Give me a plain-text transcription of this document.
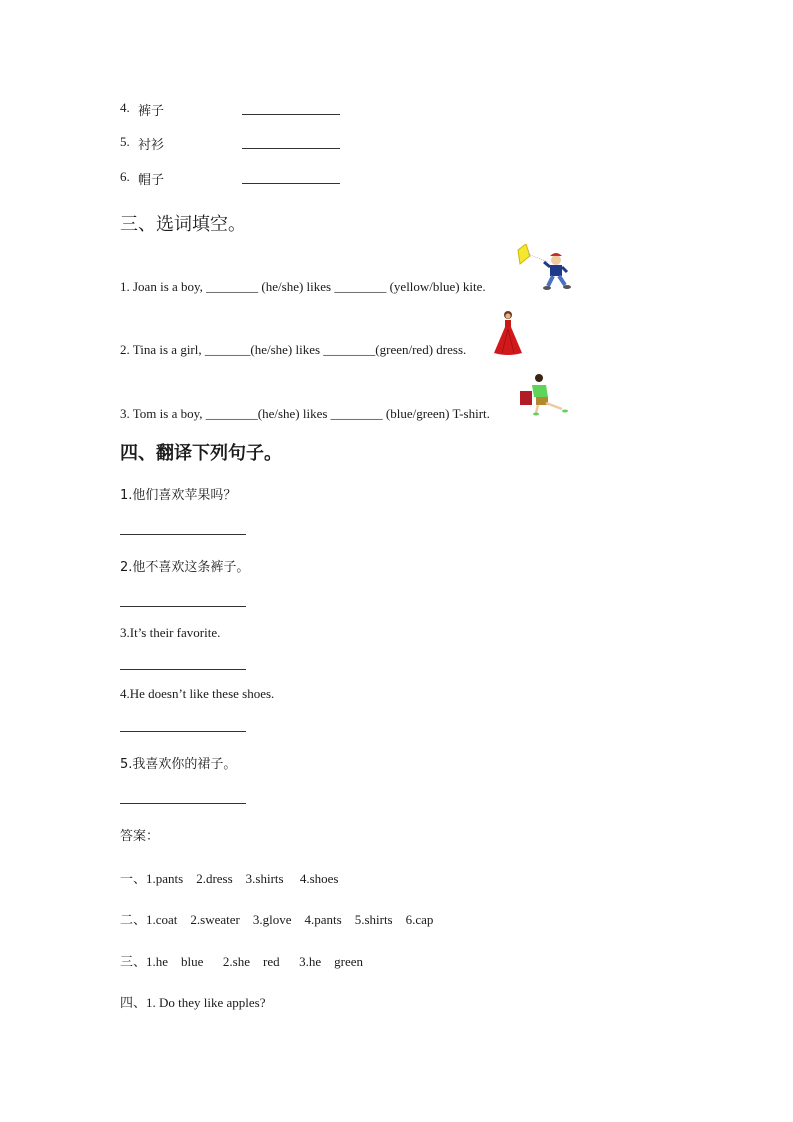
4. 裤子
5. 衬衫
6. 帽子
三、选词填空。
1. Joan is a boy, ________ (he/she) likes ________ (yellow/blue) kite.
2. Tina is a girl, _______(he/she) likes ________(green/red) dress.
3. Tom is a boy, ________(he/she) likes ________ (blue/green) T-shirt.
四、翻译下列句子。
1.他们喜欢苹果吗？
2.他不喜欢这条裤子。
3.It’s their favorite.
4.He doesn’t like these shoes.
5.我喜欢你的裙子。
答案：
一、1.pants    2.dress    3.shirts     4.shoes
二、1.coat    2.sweater    3.glove    4.pants    5.shirts    6.cap
三、1.he    blue      2.she    red      3.he    green
四、1. Do they like apples?
